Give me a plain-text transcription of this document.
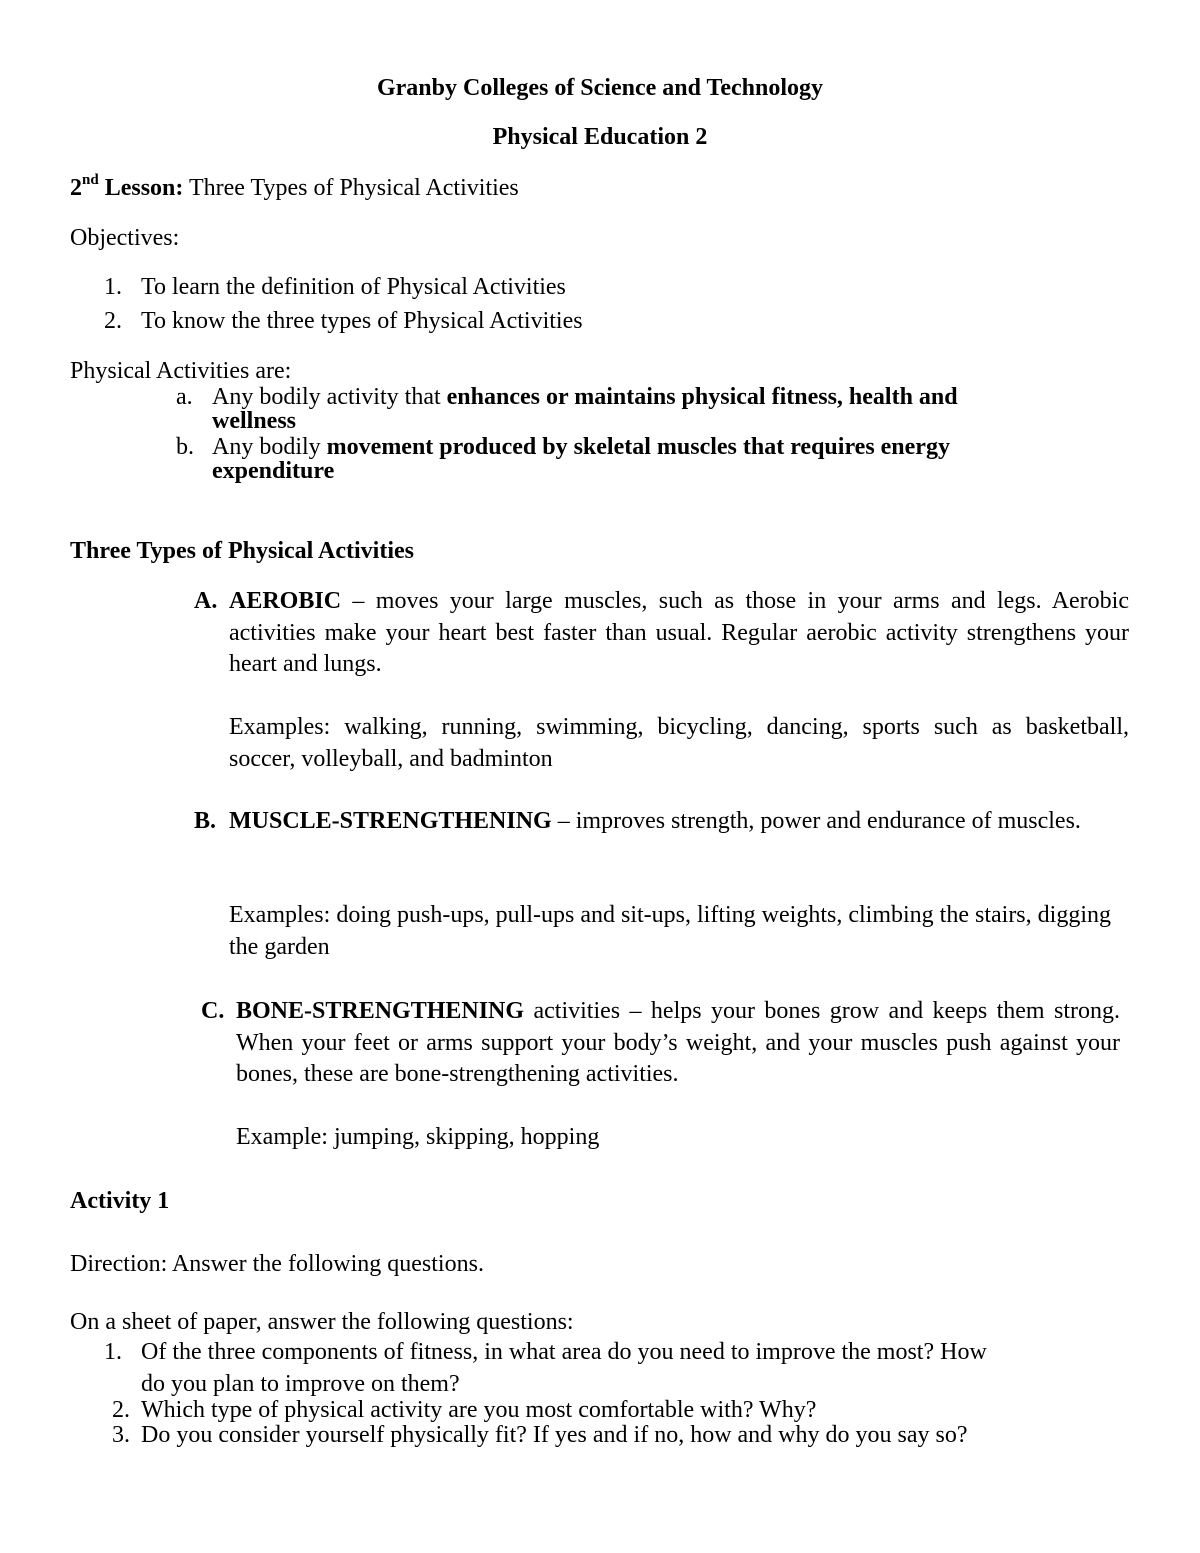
Granby Colleges of Science and Technology
Physical Education 2
2nd Lesson: Three Types of Physical Activities
Objectives:
1. To learn the definition of Physical Activities
2. To know the three types of Physical Activities
Physical Activities are:
a. Any bodily activity that enhances or maintains physical fitness, health and
wellness
b. Any bodily movement produced by skeletal muscles that requires energy
expenditure
Three Types of Physical Activities
A. AEROBIC – moves your large muscles, such as those in your arms and legs. Aerobic activities make your heart best faster than usual. Regular aerobic activity strengthens your heart and lungs.
Examples: walking, running, swimming, bicycling, dancing, sports such as basketball, soccer, volleyball, and badminton
B. MUSCLE-STRENGTHENING – improves strength, power and endurance of muscles.
Examples: doing push-ups, pull-ups and sit-ups, lifting weights, climbing the stairs, digging the garden
C. BONE-STRENGTHENING activities – helps your bones grow and keeps them strong. When your feet or arms support your body’s weight, and your muscles push against your bones, these are bone-strengthening activities.
Example: jumping, skipping, hopping
Activity 1
Direction: Answer the following questions.
On a sheet of paper, answer the following questions:
1. Of the three components of fitness, in what area do you need to improve the most? How
do you plan to improve on them?
2. Which type of physical activity are you most comfortable with? Why?
3. Do you consider yourself physically fit? If yes and if no, how and why do you say so?
